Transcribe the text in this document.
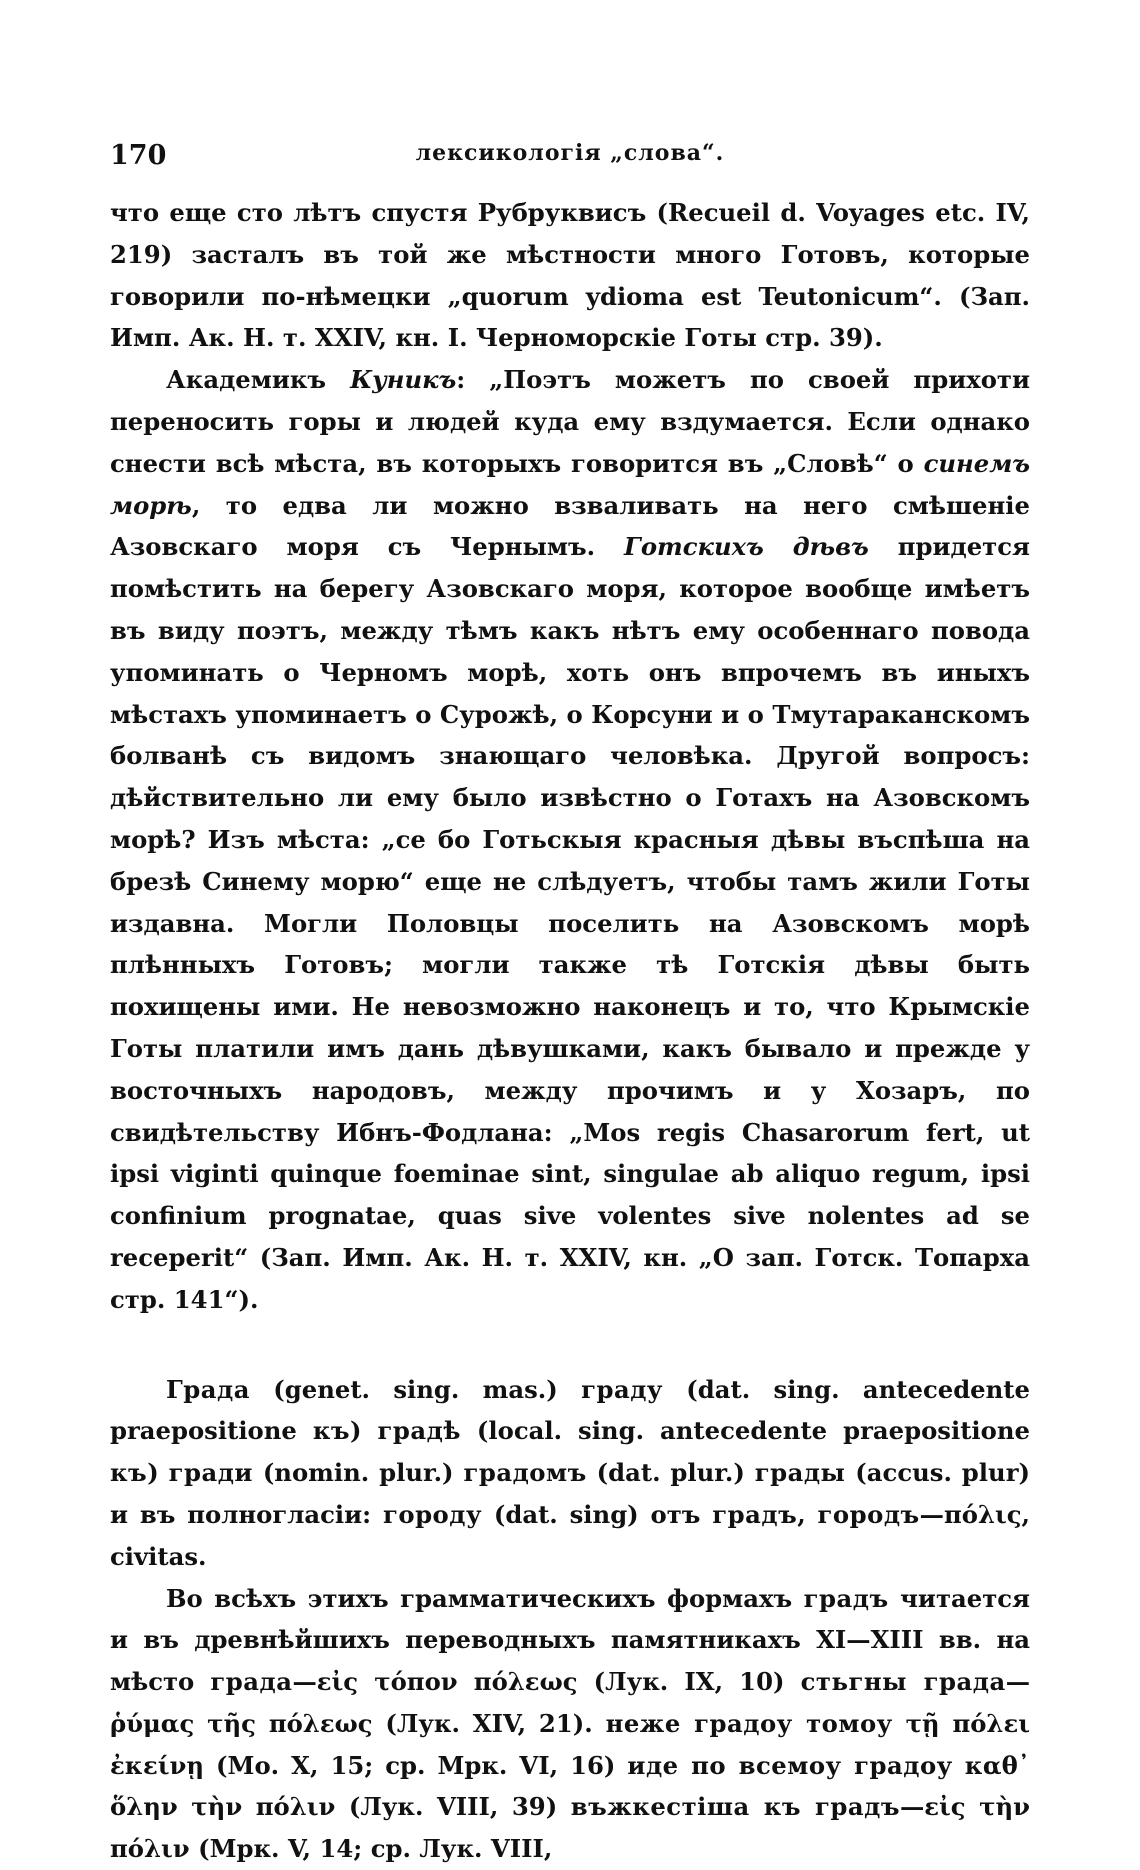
170	лексикологія „слова“.

что еще сто лѣтъ спустя Рубруквисъ (Recueil d. Voyages etc. IV, 219) засталъ въ той же мѣстности много Готовъ, которые говорили по-нѣмецки „quorum ydioma est Teutonicum“. (Зап. Имп. Ак. Н. т. XXIV, кн. I. Черноморскіе Готы стр. 39).

Академикъ Куникъ: „Поэтъ можетъ по своей прихоти переносить горы и людей куда ему вздумается. Если однако снести всѣ мѣста, въ которыхъ говорится въ „Словѣ“ о синемъ морѣ, то едва ли можно взваливать на него смѣшеніе Азовскаго моря съ Чернымъ. Готскихъ дѣвъ придется помѣстить на берегу Азовскаго моря, которое вообще имѣетъ въ виду поэтъ, между тѣмъ какъ нѣтъ ему особеннаго повода упоминать о Черномъ морѣ, хоть онъ впрочемъ въ иныхъ мѣстахъ упоминаетъ о Сурожѣ, о Корсуни и о Тмутараканскомъ болванѣ съ видомъ знающаго человѣка. Другой вопросъ: дѣйствительно ли ему было извѣстно о Готахъ на Азовскомъ морѣ? Изъ мѣста: „се бо Готьскыя красныя дѣвы въспѣша на брезѣ Синему морю“ еще не слѣдуетъ, чтобы тамъ жили Готы издавна. Могли Половцы поселить на Азовскомъ морѣ плѣнныхъ Готовъ; могли также тѣ Готскія дѣвы быть похищены ими. Не невозможно наконецъ и то, что Крымскіе Готы платили имъ дань дѣвушками, какъ бывало и прежде у восточныхъ народовъ, между прочимъ и у Хозаръ, по свидѣтельству Ибнъ-Фодлана: „Mos regis Chasarorum fert, ut ipsi viginti quinque foeminae sint, singulae ab aliquo regum, ipsi confinium prognatae, quas sive volentes sive nolentes ad se receperit“ (Зап. Имп. Ак. Н. т. XXIV, кн. „О зап. Готск. Топарха стр. 141“).

Града (genet. sing. mas.) граду (dat. sing. antecedente praepositione къ) градѣ (local. sing. antecedente praepositione къ) гради (nomin. plur.) градомъ (dat. plur.) грады (accus. plur) и въ полногласіи: городу (dat. sing) отъ градъ, городъ—πόλις, civitas.

Во всѣхъ этихъ грамматическихъ формахъ градъ читается и въ древнѣйшихъ переводныхъ памятникахъ XI—XIII вв. на мѣсто града—εἰς τόπον πόλεως (Лук. IX, 10) стьгны града—ῥύμας τῆς πόλεως (Лук. XIV, 21). неже градоу томоу τῇ πόλει ἐκείνῃ (Мо. X, 15; ср. Мрк. VI, 16) иде по всемоу градоу καθ᾽ ὅλην τὴν πόλιν (Лук. VIII, 39) въжкестіша къ градъ—εἰς τὴν πόλιν (Мрк. V, 14; ср. Лук. VIII,
